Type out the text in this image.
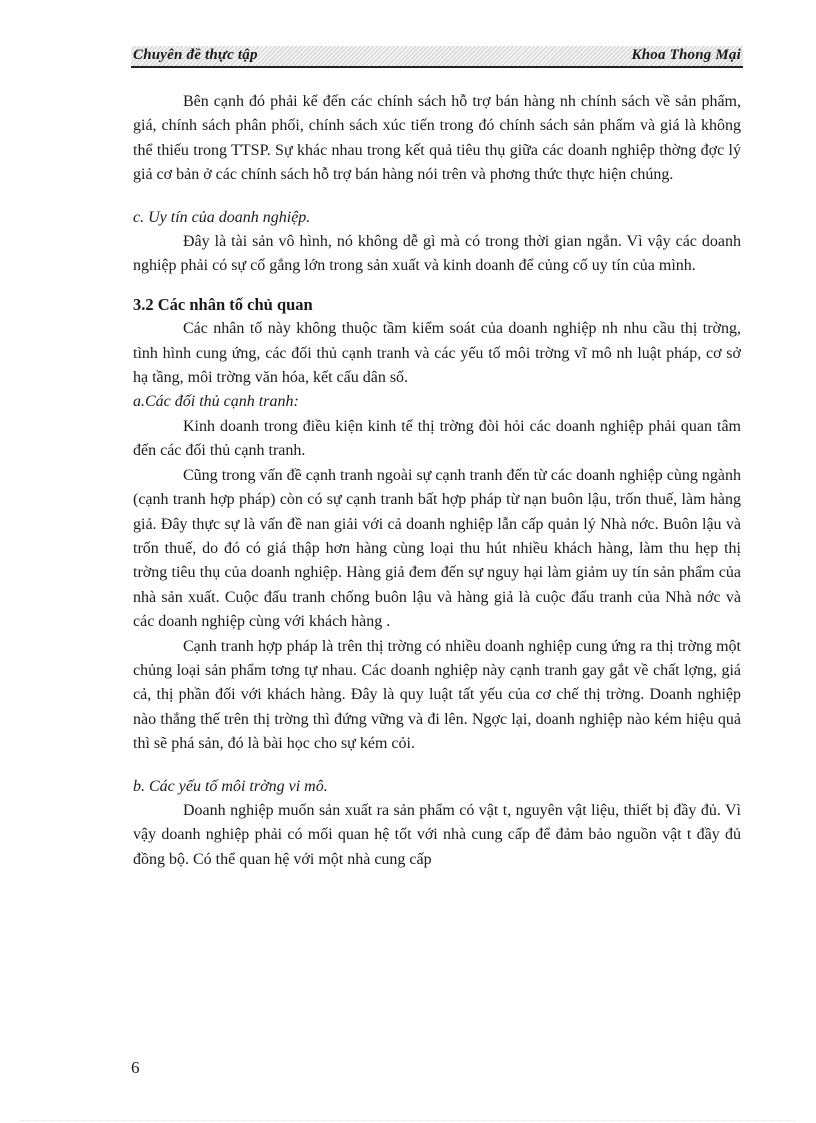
Chuyên đề thực tập	Khoa Thong Mại

Bên cạnh đó phải kể đến các chính sách hỗ trợ bán hàng nh chính sách về sản phẩm, giá, chính sách phân phối, chính sách xúc tiến trong đó chính sách sản phẩm và giá là không thể thiếu trong TTSP. Sự khác nhau trong kết quả tiêu thụ giữa các doanh nghiệp thờng đợc lý giả cơ bản ở các chính sách hỗ trợ bán hàng nói trên và phơng thức thực hiện chúng.

c. Uy tín của doanh nghiệp.

Đây là tài sản vô hình, nó không dễ gì mà có trong thời gian ngắn. Vì vậy các doanh nghiệp phải có sự cố gắng lớn trong sản xuất và kinh doanh để củng cố uy tín của mình.

3.2 Các nhân tố chủ quan

Các nhân tố này không thuộc tầm kiểm soát của doanh nghiệp nh nhu cầu thị trờng, tình hình cung ứng, các đối thủ cạnh tranh và các yếu tố môi trờng vĩ mô nh luật pháp, cơ sở hạ tầng, môi trờng văn hóa, kết cấu dân số.

a.Các đối thủ cạnh tranh:

Kinh doanh trong điều kiện kinh tế thị trờng đòi hỏi các doanh nghiệp phải quan tâm đến các đối thủ cạnh tranh.

Cũng trong vấn đề cạnh tranh ngoài sự cạnh tranh đến từ các doanh nghiệp cùng ngành (cạnh tranh hợp pháp) còn có sự cạnh tranh bất hợp pháp từ nạn buôn lậu, trốn thuế, làm hàng giả. Đây thực sự là vấn đề nan giải với cả doanh nghiệp lẫn cấp quản lý Nhà nớc. Buôn lậu và trốn thuế, do đó có giá thập hơn hàng cùng loại thu hút nhiều khách hàng, làm thu hẹp thị trờng tiêu thụ của doanh nghiệp. Hàng giả đem đến sự nguy hại làm giảm uy tín sản phẩm của nhà sản xuất. Cuộc đấu tranh chống buôn lậu và hàng giả là cuộc đấu tranh của Nhà nớc và các doanh nghiệp cùng với khách hàng .

Cạnh tranh hợp pháp là trên thị trờng có nhiều doanh nghiệp cung ứng ra thị trờng một chủng loại sản phẩm tơng tự nhau. Các doanh nghiệp này cạnh tranh gay gắt về chất lợng, giá cả, thị phần đối với khách hàng. Đây là quy luật tất yếu của cơ chế thị trờng. Doanh nghiệp nào thắng thế trên thị trờng thì đứng vững và đi lên. Ngợc lại, doanh nghiệp nào kém hiệu quả thì sẽ phá sản, đó là bài học cho sự kém cỏi.

b. Các yếu tố môi trờng vi mô.

Doanh nghiệp muốn sản xuất ra sản phẩm có vật t, nguyên vật liệu, thiết bị đầy đủ. Vì vậy doanh nghiệp phải có mối quan hệ tốt với nhà cung cấp để đảm bảo nguồn vật t đầy đủ đồng bộ. Có thể quan hệ với một nhà cung cấp

6
